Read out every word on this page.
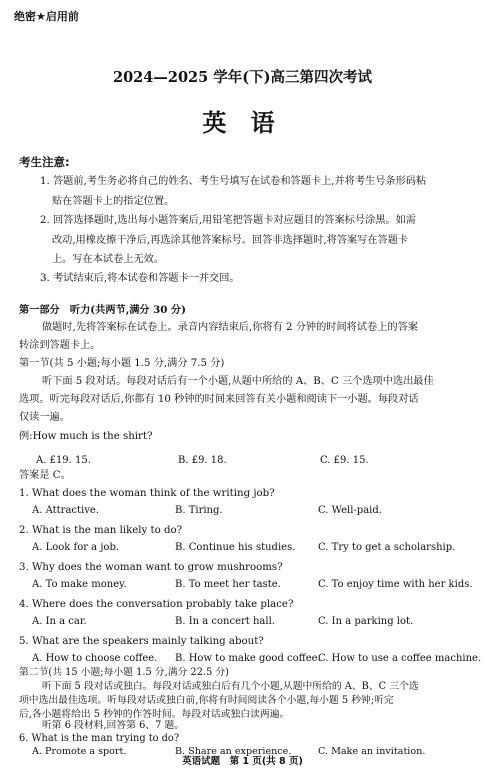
绝密★启用前
2024—2025 学年(下)高三第四次考试
英 语
考生注意:
1. 答题前,考生务必将自己的姓名、考生号填写在试卷和答题卡上,并将考生号条形码粘
贴在答题卡上的指定位置。
2. 回答选择题时,选出每小题答案后,用铅笔把答题卡对应题目的答案标号涂黑。如需
改动,用橡皮擦干净后,再选涂其他答案标号。回答非选择题时,将答案写在答题卡
上。写在本试卷上无效。
3. 考试结束后,将本试卷和答题卡一并交回。
第一部分　听力(共两节,满分 30 分)
做题时,先将答案标在试卷上。录音内容结束后,你将有 2 分钟的时间将试卷上的答案
转涂到答题卡上。
第一节(共 5 小题;每小题 1.5 分,满分 7.5 分)
听下面 5 段对话。每段对话后有一个小题,从题中所给的 A、B、C 三个选项中选出最佳
选项。听完每段对话后,你都有 10 秒钟的时间来回答有关小题和阅读下一小题。每段对话
仅读一遍。
例:How much is the shirt?
A. £19. 15.	B. £9. 18.	C. £9. 15.
答案是 C。
1. What does the woman think of the writing job?
A. Attractive.	B. Tiring.	C. Well-paid.
2. What is the man likely to do?
A. Look for a job.	B. Continue his studies. C. Try to get a scholarship.
3. Why does the woman want to grow mushrooms?
A. To make money.	B. To meet her taste.	C. To enjoy time with her kids.
4. Where does the conversation probably take place?
A. In a car.	B. In a concert hall.	C. In a parking lot.
5. What are the speakers mainly talking about?
A. How to choose coffee. B. How to make good coffee.
C. How to use a coffee machine.
第二节(共 15 小题;每小题 1.5 分,满分 22.5 分)
听下面 5 段对话或独白。每段对话或独白后有几个小题,从题中所给的 A、B、C 三个选
项中选出最佳选项。听每段对话或独白前,你将有时间阅读各个小题,每小题 5 秒钟;听完
后,各小题将给出 5 秒钟的作答时间。每段对话或独白读两遍。
听第 6 段材料,回答第 6、7 题。
6. What is the man trying to do?
英语试题　第 1 页(共 8 页)
A. Promote a sport.	B. Share an experience.	C. Make an invitation.
